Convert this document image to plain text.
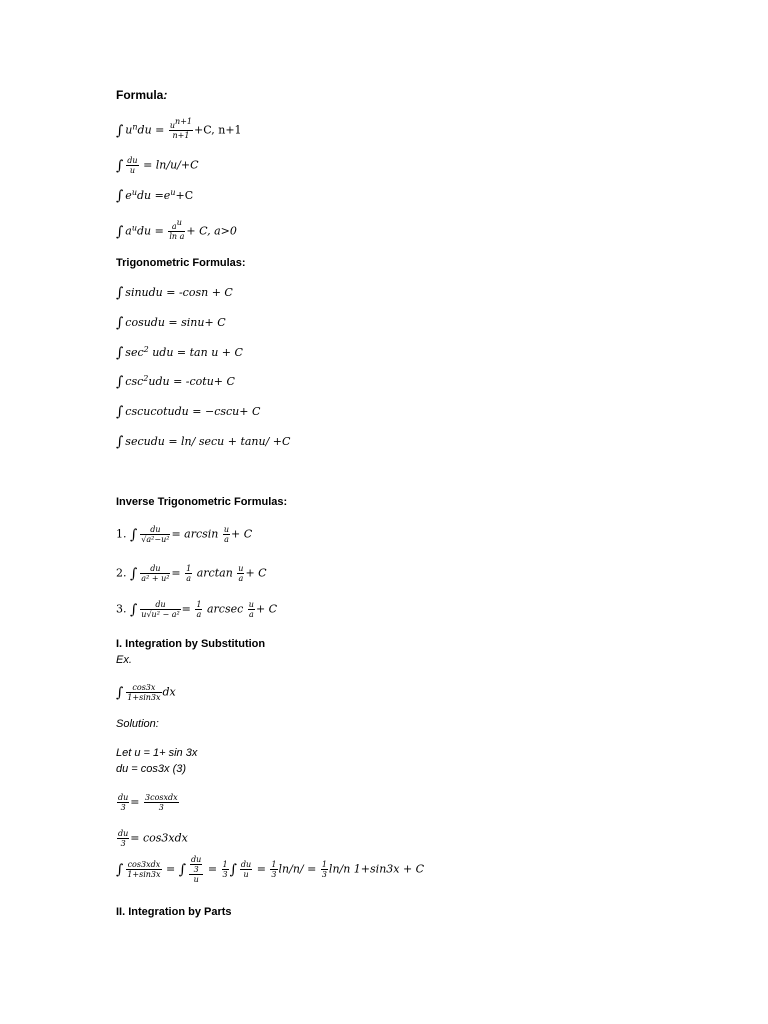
Formula:
∫ $u^ndu = \frac{u^{n+1}}{n+1} +C$, n+1
∫ $\frac{du}{u} = \ln/u/+C$
∫ $e^udu =e^u+C$
∫ $a^udu = \frac{a^u}{\text{ln a}} + C$, a>0
Trigonometric Formulas:
∫ sinudu = -cosn + C
∫ cosudu = sinu+ C
∫ $\sec^2$ udu = tan u + C
∫ $\csc^2udu = -\cot u+ C$
∫ cscucotudu = −cscu+ C
∫ secudu = ln/ secu + tanu/ +C
Inverse Trigonometric Formulas:
1. ∫ $\frac{du}{\text{√a²−u²}} = \arcsin \frac{u}{a} + C$
2. ∫ $\frac{du}{\text{a² + u²}} = \frac{1}{a}$ $\arctan \frac{u}{a} + C$
3. ∫ $\frac{du}{\text{u√u² − a²}} = \frac{1}{a}$ arcsec $\frac{u}{a} + C$
I. Integration by Substitution
Ex.
∫ $\frac{\cos 3x}{1+\sin 3x}$ dx
Solution:
Let u = 1+ sin 3x
du = cos3x (3)
$\frac{du}{3} = \frac{\text{3cosxdx}}{3}$
$\frac{du}{3} = \cos 3xdx$
∫ $\frac{\text{cos3xdx}}{1+\sin 3x}$ = ∫ $\frac{\frac{du}{3}}{u} = \frac{1}{3}$ ∫ $\frac{du}{u} = \frac{1}{3} \ln/n/ = \frac{1}{3} \ln/n$ 1+sin3x + C
II. Integration by Parts
